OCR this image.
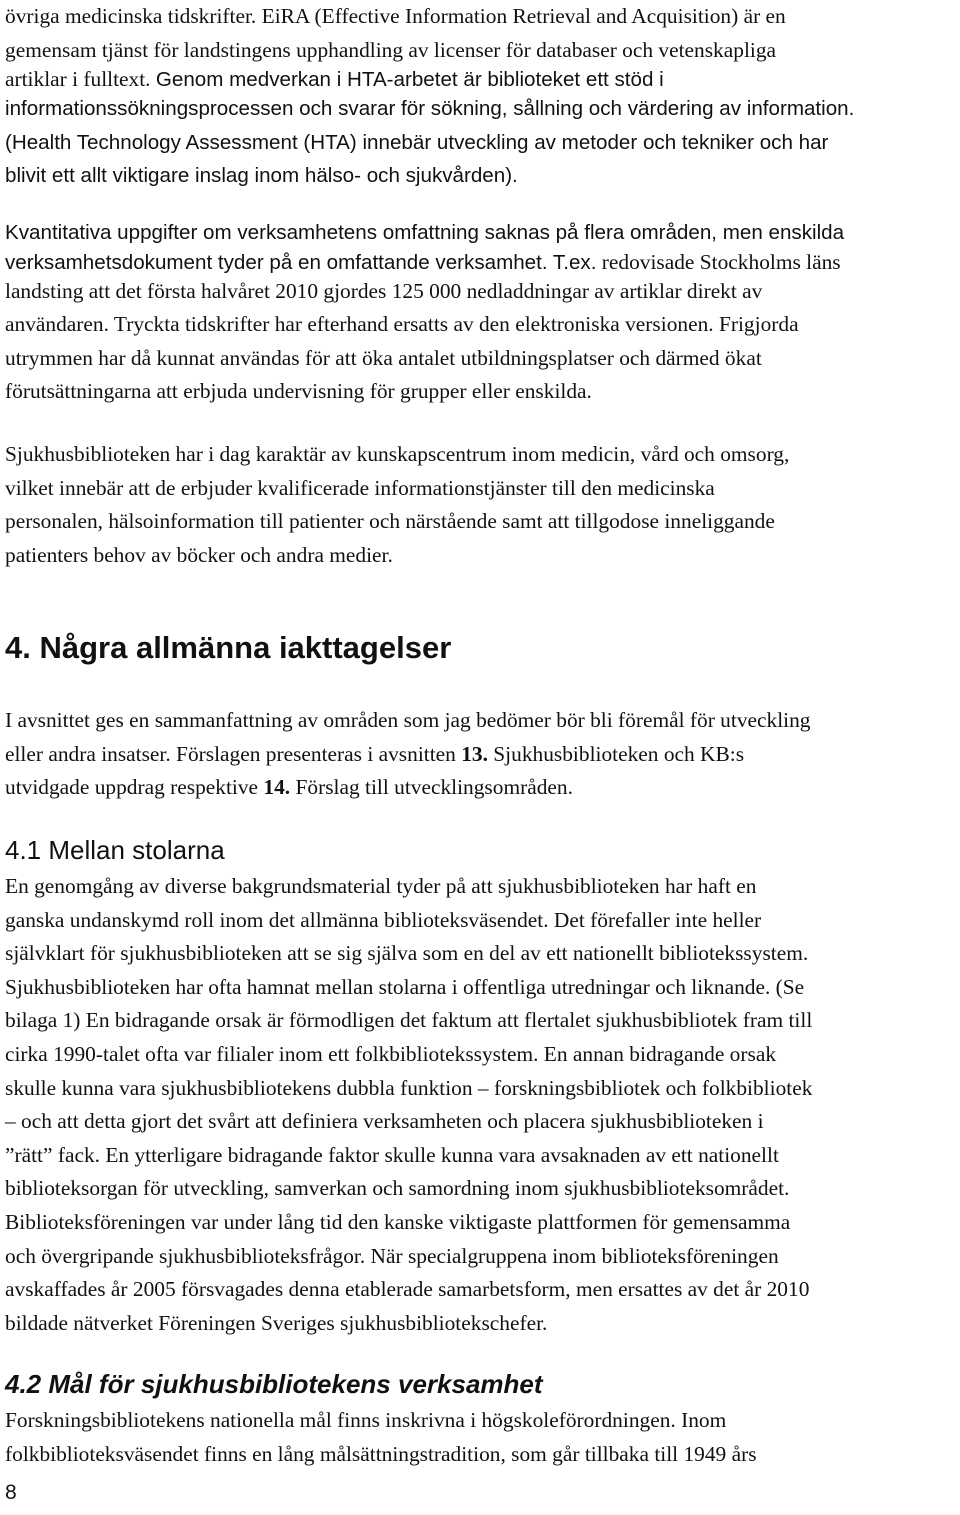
övriga medicinska tidskrifter. EiRA (Effective Information Retrieval and Acquisition) är en
gemensam tjänst för landstingens upphandling av licenser för databaser och vetenskapliga
artiklar i fulltext. Genom medverkan i HTA-arbetet är biblioteket ett stöd i
informationssökningsprocessen och svarar för sökning, sållning och värdering av information.
(Health Technology Assessment (HTA) innebär utveckling av metoder och tekniker och har
blivit ett allt viktigare inslag inom hälso- och sjukvården).
Kvantitativa uppgifter om verksamhetens omfattning saknas på flera områden, men enskilda
verksamhetsdokument tyder på en omfattande verksamhet. T.ex. redovisade Stockholms läns
landsting att det första halvåret 2010 gjordes 125 000 nedladdningar av artiklar direkt av
användaren. Tryckta tidskrifter har efterhand ersatts av den elektroniska versionen. Frigjorda
utrymmen har då kunnat användas för att öka antalet utbildningsplatser och därmed ökat
förutsättningarna att erbjuda undervisning för grupper eller enskilda.
Sjukhusbiblioteken har i dag karaktär av kunskapscentrum inom medicin, vård och omsorg,
vilket innebär att de erbjuder kvalificerade informationstjänster till den medicinska
personalen, hälsoinformation till patienter och närstående samt att tillgodose inneliggande
patienters behov av böcker och andra medier.
4. Några allmänna iakttagelser
I avsnittet ges en sammanfattning av områden som jag bedömer bör bli föremål för utveckling
eller andra insatser. Förslagen presenteras i avsnitten 13. Sjukhusbiblioteken och KB:s
utvidgade uppdrag respektive 14. Förslag till utvecklingsområden.
4.1 Mellan stolarna
En genomgång av diverse bakgrundsmaterial tyder på att sjukhusbiblioteken har haft en
ganska undanskymd roll inom det allmänna biblioteksväsendet. Det förefaller inte heller
självklart för sjukhusbiblioteken att se sig själva som en del av ett nationellt bibliotekssystem.
Sjukhusbiblioteken har ofta hamnat mellan stolarna i offentliga utredningar och liknande. (Se
bilaga 1) En bidragande orsak är förmodligen det faktum att flertalet sjukhusbibliotek fram till
cirka 1990-talet ofta var filialer inom ett folkbibliotekssystem. En annan bidragande orsak
skulle kunna vara sjukhusbibliotekens dubbla funktion – forskningsbibliotek och folkbibliotek
– och att detta gjort det svårt att definiera verksamheten och placera sjukhusbiblioteken i
”rätt” fack. En ytterligare bidragande faktor skulle kunna vara avsaknaden av ett nationellt
biblioteksorgan för utveckling, samverkan och samordning inom sjukhusbiblioteksområdet.
Biblioteksföreningen var under lång tid den kanske viktigaste plattformen för gemensamma
och övergripande sjukhusbiblioteksfrågor. När specialgruppena inom biblioteksföreningen
avskaffades år 2005 försvagades denna etablerade samarbetsform, men ersattes av det år 2010
bildade nätverket Föreningen Sveriges sjukhusbibliotekschefer.
4.2 Mål för sjukhusbibliotekens verksamhet
Forskningsbibliotekens nationella mål finns inskrivna i högskoleförordningen. Inom
folkbiblioteksväsendet finns en lång målsättningstradition, som går tillbaka till 1949 års
8
